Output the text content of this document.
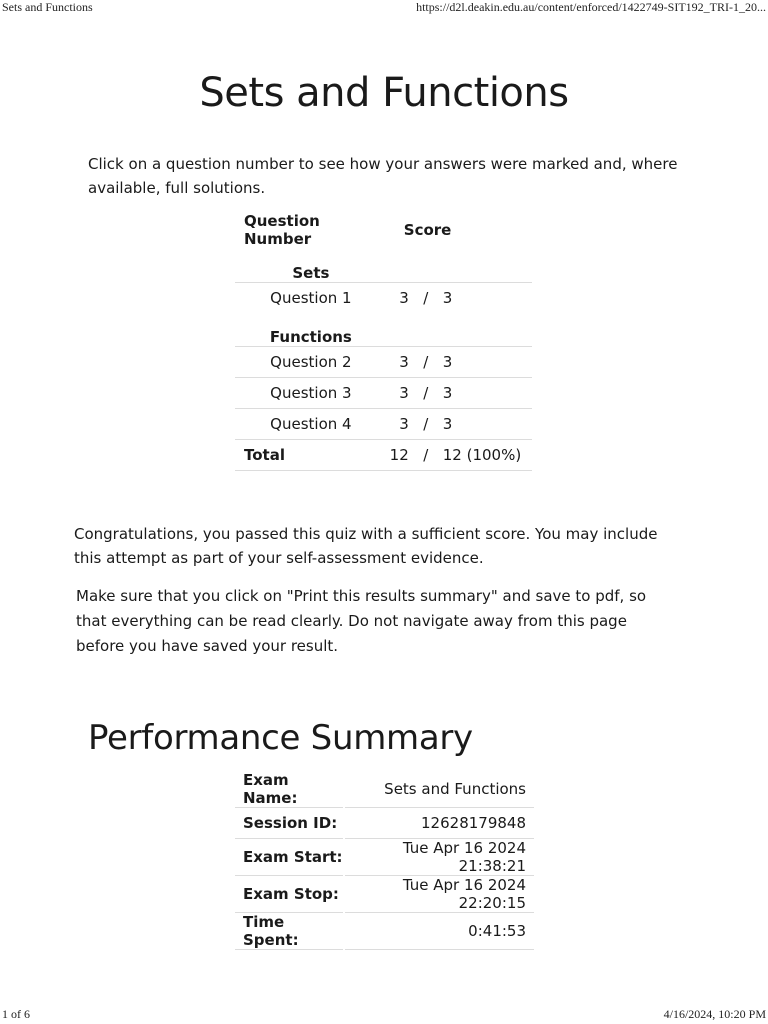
Sets and Functions	https://d2l.deakin.edu.au/content/enforced/1422749-SIT192_TRI-1_20...
Sets and Functions

Click on a question number to see how your answers were marked and, where available, full solutions.

Question Number	Score
Sets	
Question 1	3 / 3

Functions	
Question 2	3 / 3

Question 3	3 / 3

Question 4	3 / 3

Total	12 / 12 (100%)

Congratulations, you passed this quiz with a sufficient score. You may include this attempt as part of your self-assessment evidence.

Make sure that you click on "Print this results summary" and save to pdf, so that everything can be read clearly. Do not navigate away from this page before you have saved your result.

Performance Summary
Exam Name:	Sets and Functions
Session ID:	12628179848
Exam Start:	Tue Apr 16 2024 21:38:21
Exam Stop:	Tue Apr 16 2024 22:20:15
Time Spent:	0:41:53
1 of 6	4/16/2024, 10:20 PM
